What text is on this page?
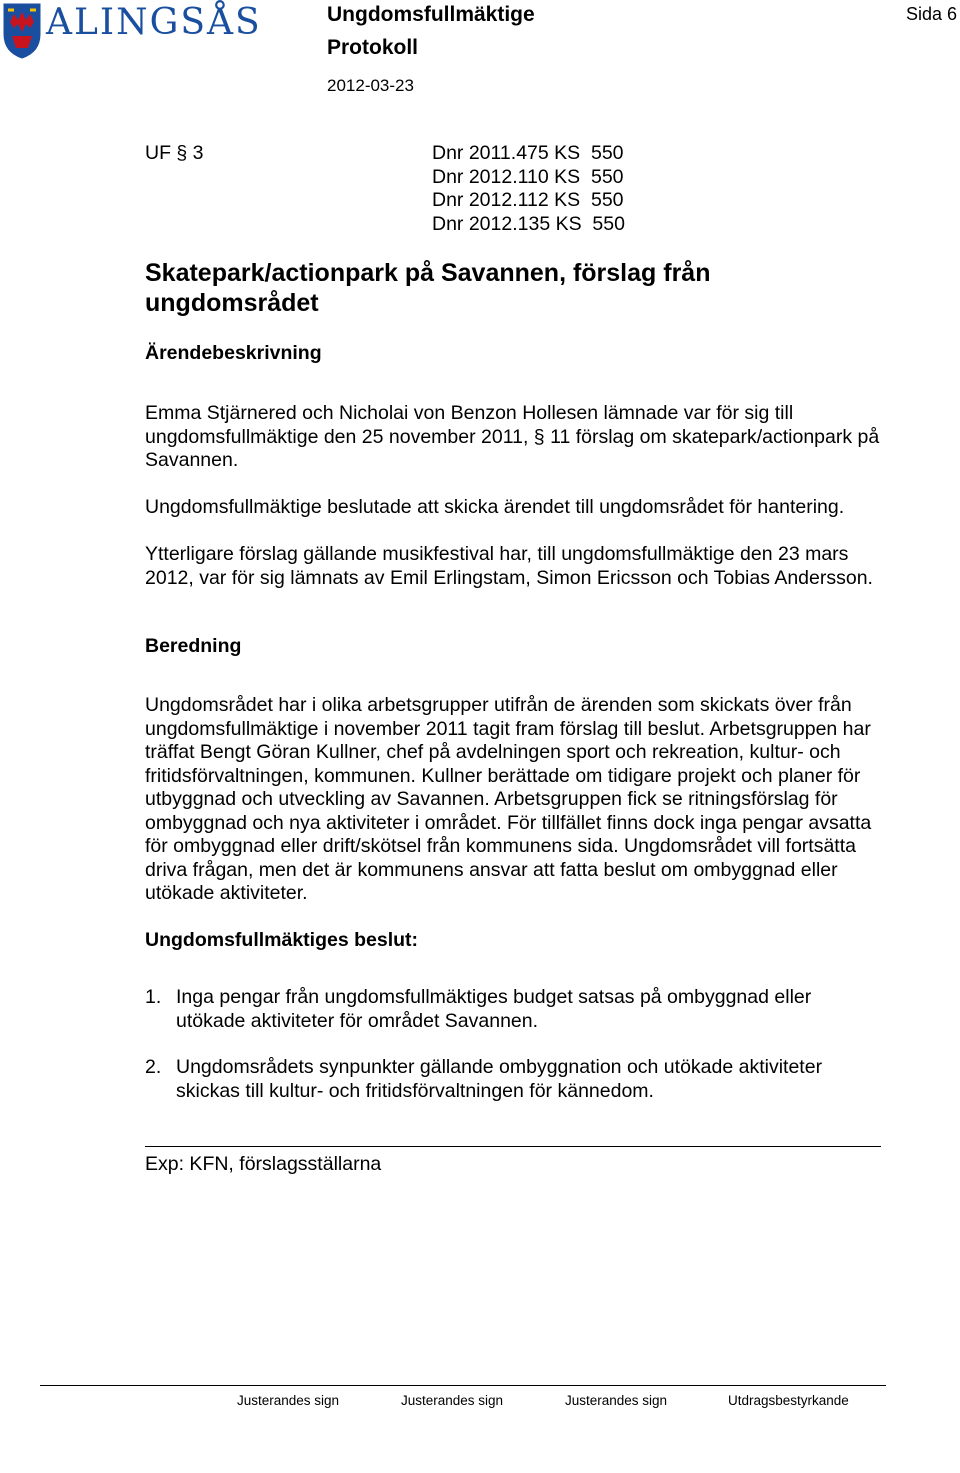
ALINGSÅS	Ungdomsfullmäktige
Protokoll
2012-03-23
Sida 6
UF § 3	Dnr 2011.475 KS  550
Dnr 2012.110 KS  550
Dnr 2012.112 KS  550
Dnr 2012.135 KS  550
Skatepark/actionpark på Savannen, förslag från ungdomsrådet
Ärendebeskrivning
Emma Stjärnered och Nicholai von Benzon Hollesen lämnade var för sig till ungdomsfullmäktige den 25 november 2011, § 11 förslag om skatepark/actionpark på Savannen.
Ungdomsfullmäktige beslutade att skicka ärendet till ungdomsrådet för hantering.
Ytterligare förslag gällande musikfestival har, till ungdomsfullmäktige den 23 mars 2012, var för sig lämnats av Emil Erlingstam, Simon Ericsson och Tobias Andersson.
Beredning
Ungdomsrådet har i olika arbetsgrupper utifrån de ärenden som skickats över från ungdomsfullmäktige i november 2011 tagit fram förslag till beslut. Arbetsgruppen har träffat Bengt Göran Kullner, chef på avdelningen sport och rekreation, kultur- och fritidsförvaltningen, kommunen. Kullner berättade om tidigare projekt och planer för utbyggnad och utveckling av Savannen. Arbetsgruppen fick se ritningsförslag för ombyggnad och nya aktiviteter i området. För tillfället finns dock inga pengar avsatta för ombyggnad eller drift/skötsel från kommunens sida. Ungdomsrådet vill fortsätta driva frågan, men det är kommunens ansvar att fatta beslut om ombyggnad eller utökade aktiviteter.
Ungdomsfullmäktiges beslut:
1. Inga pengar från ungdomsfullmäktiges budget satsas på ombyggnad eller utökade aktiviteter för området Savannen.
2. Ungdomsrådets synpunkter gällande ombyggnation och utökade aktiviteter skickas till kultur- och fritidsförvaltningen för kännedom.
Exp: KFN, förslagsställarna
Justerandes sign	Justerandes sign	Justerandes sign	Utdragsbestyrkande
